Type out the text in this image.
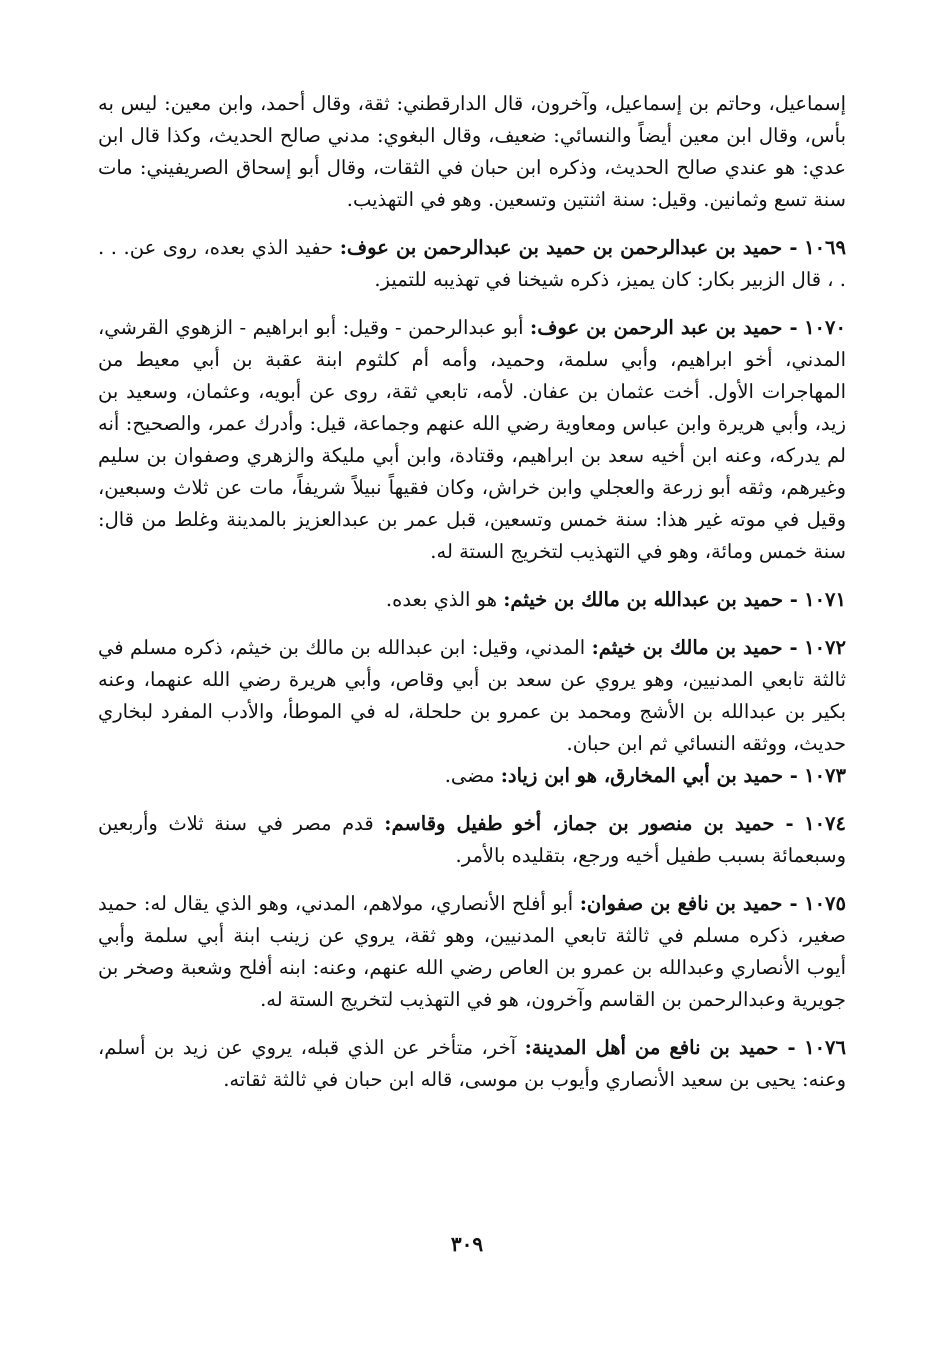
إسماعيل، وحاتم بن إسماعيل، وآخرون، قال الدارقطني: ثقة، وقال أحمد، وابن معين: ليس به بأس، وقال ابن معين أيضاً والنسائي: ضعيف، وقال البغوي: مدني صالح الحديث، وكذا قال ابن عدي: هو عندي صالح الحديث، وذكره ابن حبان في الثقات، وقال أبو إسحاق الصريفيني: مات سنة تسع وثمانين. وقيل: سنة اثنتين وتسعين. وهو في التهذيب.

١٠٦٩ - حميد بن عبدالرحمن بن حميد بن عبدالرحمن بن عوف: حفيد الذي بعده، روى عن. . . . ، قال الزبير بكار: كان يميز، ذكره شيخنا في تهذيبه للتميز.

١٠٧٠ - حميد بن عبد الرحمن بن عوف: أبو عبدالرحمن - وقيل: أبو ابراهيم - الزهوي القرشي، المدني، أخو ابراهيم، وأبي سلمة، وحميد، وأمه أم كلثوم ابنة عقبة بن أبي معيط من المهاجرات الأول. أخت عثمان بن عفان. لأمه، تابعي ثقة، روى عن أبويه، وعثمان، وسعيد بن زيد، وأبي هريرة وابن عباس ومعاوية رضي الله عنهم وجماعة، قيل: وأدرك عمر، والصحيح: أنه لم يدركه، وعنه ابن أخيه سعد بن ابراهيم، وقتادة، وابن أبي مليكة والزهري وصفوان بن سليم وغيرهم، وثقه أبو زرعة والعجلي وابن خراش، وكان فقيهاً نبيلاً شريفاً، مات عن ثلاث وسبعين، وقيل في موته غير هذا: سنة خمس وتسعين، قبل عمر بن عبدالعزيز بالمدينة وغلط من قال: سنة خمس ومائة، وهو في التهذيب لتخريج الستة له.

١٠٧١ - حميد بن عبدالله بن مالك بن خيثم: هو الذي بعده.

١٠٧٢ - حميد بن مالك بن خيثم: المدني، وقيل: ابن عبدالله بن مالك بن خيثم، ذكره مسلم في ثالثة تابعي المدنيين، وهو يروي عن سعد بن أبي وقاص، وأبي هريرة رضي الله عنهما، وعنه بكير بن عبدالله بن الأشج ومحمد بن عمرو بن حلحلة، له في الموطأ، والأدب المفرد لبخاري حديث، ووثقه النسائي ثم ابن حبان.

١٠٧٣ - حميد بن أبي المخارق، هو ابن زياد: مضى.

١٠٧٤ - حميد بن منصور بن جماز، أخو طفيل وقاسم: قدم مصر في سنة ثلاث وأربعين وسبعمائة بسبب طفيل أخيه ورجع، بتقليده بالأمر.

١٠٧٥ - حميد بن نافع بن صفوان: أبو أفلح الأنصاري، مولاهم، المدني، وهو الذي يقال له: حميد صغير، ذكره مسلم في ثالثة تابعي المدنيين، وهو ثقة، يروي عن زينب ابنة أبي سلمة وأبي أيوب الأنصاري وعبدالله بن عمرو بن العاص رضي الله عنهم، وعنه: ابنه أفلح وشعبة وصخر بن جويرية وعبدالرحمن بن القاسم وآخرون، هو في التهذيب لتخريج الستة له.

١٠٧٦ - حميد بن نافع من أهل المدينة: آخر، متأخر عن الذي قبله، يروي عن زيد بن أسلم، وعنه: يحيى بن سعيد الأنصاري وأيوب بن موسى، قاله ابن حبان في ثالثة ثقاته.

٣٠٩
